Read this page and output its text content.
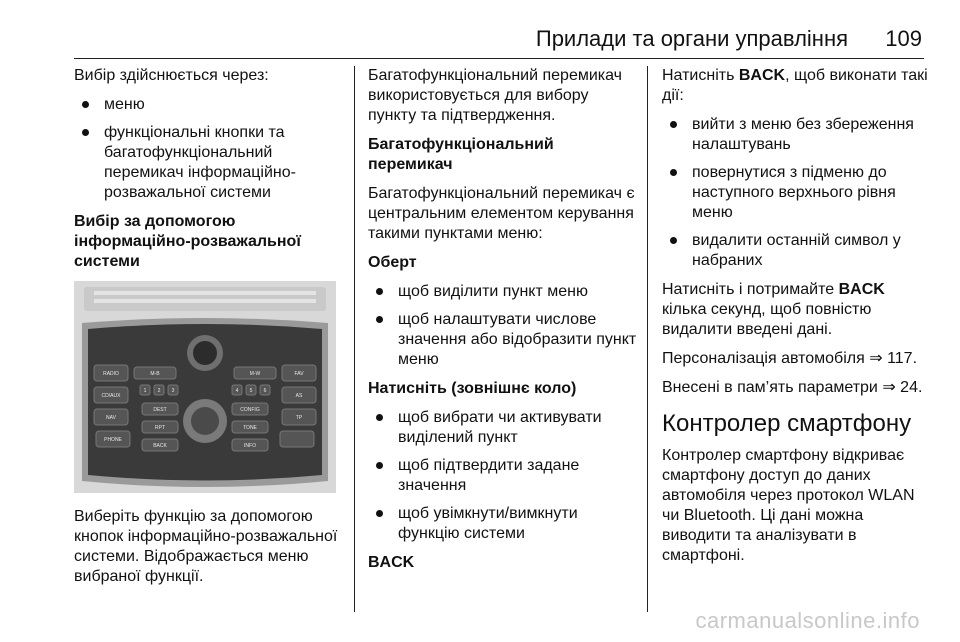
Прилади та органи управління 109

Вибір здійснюється через:

меню
функціональні кнопки та багатофункціональний перемикач інформаційно-розважальної системи

Вибір за допомогою інформаційно-розважальної системи

RADIO
CD/AUX
NAV
PHONE
FAV
AS
TP
M-B	M-W
DEST	CONFIG
RPT	TONE
BACK	INFO
1 2 3	4 5 6

Виберіть функцію за допомогою кнопок інформаційно-розважальної системи. Відображається меню вибраної функції.

Багатофункціональний перемикач використовується для вибору пункту та підтвердження.

Багатофункціональний перемикач

Багатофункціональний перемикач є центральним елементом керування такими пунктами меню:

Оберт

щоб виділити пункт меню
щоб налаштувати числове значення або відобразити пункт меню

Натисніть (зовнішнє коло)

щоб вибрати чи активувати виділений пункт
щоб підтвердити задане значення
щоб увімкнути/вимкнути функцію системи

BACK

Натисніть BACK, щоб виконати такі дії:

вийти з меню без збереження налаштувань
повернутися з підменю до наступного верхнього рівня меню
видалити останній символ у набраних

Натисніть і потримайте BACK кілька секунд, щоб повністю видалити введені дані.

Персоналізація автомобіля ⇒ 117.

Внесені в пам’ять параметри ⇒ 24.

Контролер смартфону

Контролер смартфону відкриває смартфону доступ до даних автомобіля через протокол WLAN чи Bluetooth. Ці дані можна виводити та аналізувати в смартфоні.

carmanualsonline.info
